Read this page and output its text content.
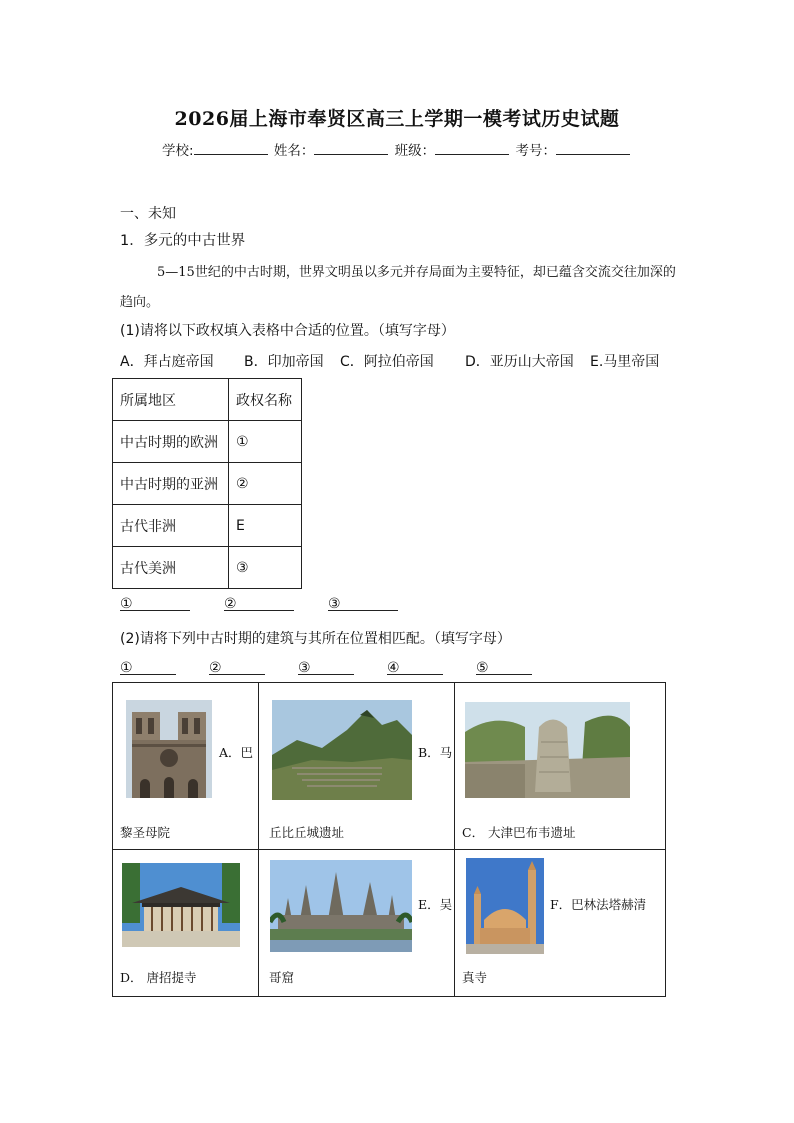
2026届上海市奉贤区高三上学期一模考试历史试题
学校:	姓名：	班级：	考号：
一、未知
1．多元的中古世界
5—15世纪的中古时期，世界文明虽以多元并存局面为主要特征，却已蕴含交流交往加深的趋向。
(1)请将以下政权填入表格中合适的位置。（填写字母）
A．拜占庭帝国 B．印加帝国 C．阿拉伯帝国 D．亚历山大帝国 E.马里帝国
所属地区	政权名称
中古时期的欧洲	①
中古时期的亚洲	②
古代非洲	E
古代美洲	③
①	②	③
(2)请将下列中古时期的建筑与其所在位置相匹配。（填写字母）
①	②	③	④	⑤
A．巴
黎圣母院	B．马
丘比丘城遗址	C． 大津巴布韦遗址

D． 唐招提寺	E．吴
哥窟	F．巴林法塔赫清
真寺
